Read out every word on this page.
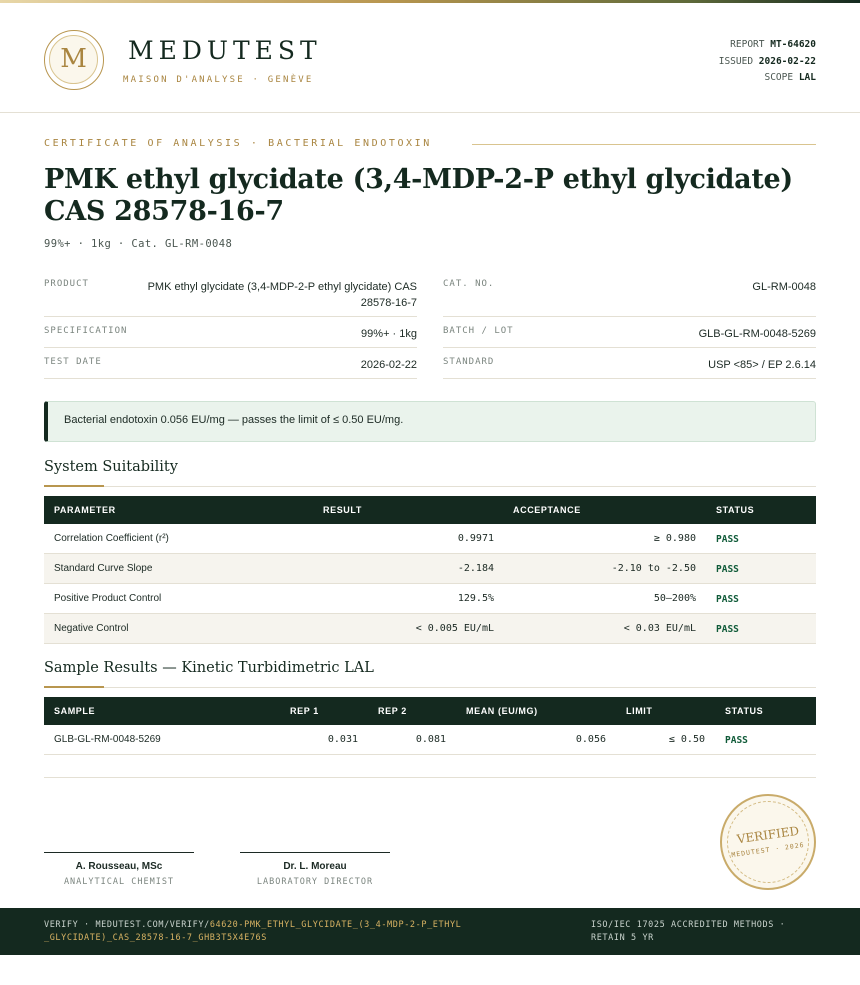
M	MEDUTEST
MAISON D'ANALYSE · GENÈVE
REPORT MT-64620
ISSUED 2026-02-22
SCOPE LAL
CERTIFICATE OF ANALYSIS · BACTERIAL ENDOTOXIN
PMK ethyl glycidate (3,4-MDP-2-P ethyl glycidate) CAS 28578-16-7
99%+ · 1kg · Cat. GL-RM-0048
PRODUCT	PMK ethyl glycidate (3,4-MDP-2-P ethyl glycidate) CAS 28578-16-7
SPECIFICATION	99%+ · 1kg
TEST DATE	2026-02-22
CAT. NO.	GL-RM-0048
BATCH / LOT	GLB-GL-RM-0048-5269
STANDARD	USP <85> / EP 2.6.14
Bacterial endotoxin 0.056 EU/mg — passes the limit of ≤ 0.50 EU/mg.
System Suitability
PARAMETER	RESULT	ACCEPTANCE	STATUS
Correlation Coefficient (r²)	0.9971	≥ 0.980 PASS
Standard Curve Slope	-2.184	-2.10 to -2.50 PASS
Positive Product Control	129.5%	50–200% PASS
Negative Control	< 0.005 EU/mL	< 0.03 EU/mL PASS
Sample Results — Kinetic Turbidimetric LAL
SAMPLE	REP 1	REP 2	MEAN (EU/MG)	LIMIT	STATUS
GLB-GL-RM-0048-5269	0.031	0.081	0.056	≤ 0.50 PASS
A. Rousseau, MSc
ANALYTICAL CHEMIST
Dr. L. Moreau
LABORATORY DIRECTOR
VERIFIED
MEDUTEST · 2026
VERIFY · MEDUTEST.COM/VERIFY/64620-PMK_ETHYL_GLYCIDATE_(3_4-MDP-2-P_ETHYL_GLYCIDATE)_CAS_28578-16-7_GHB3T5X4E76S
ISO/IEC 17025 ACCREDITED METHODS · RETAIN 5 YR
